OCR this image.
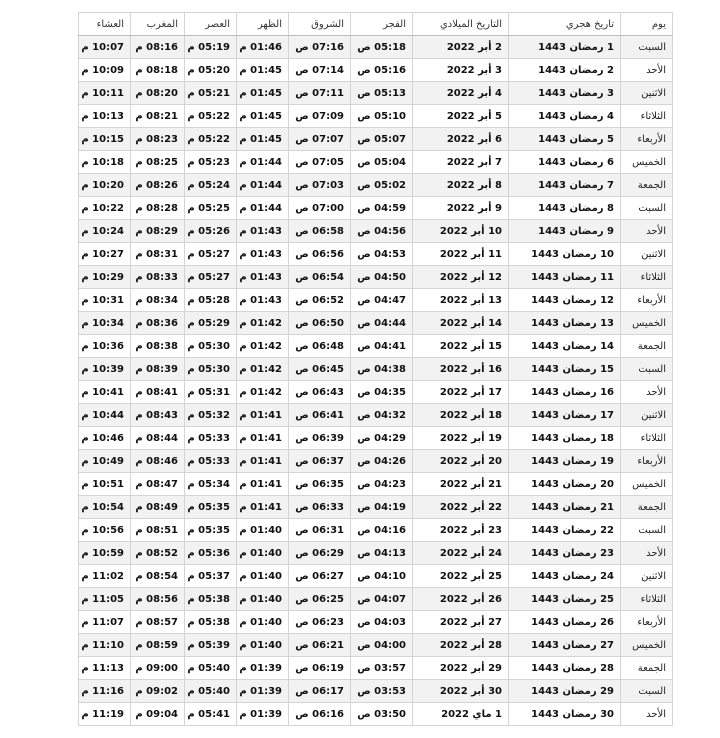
يوم	تاريخ هجري	التاريخ الميلادي	الفجر	الشروق	الظهر	العصر	المغرب	العشاء
السبت	1 رمضان 1443	2 أبر 2022	05:18 ص	07:16 ص	01:46 م	05:19 م	08:16 م	10:07 م
الأحد	2 رمضان 1443	3 أبر 2022	05:16 ص	07:14 ص	01:45 م	05:20 م	08:18 م	10:09 م
الاثنين	3 رمضان 1443	4 أبر 2022	05:13 ص	07:11 ص	01:45 م	05:21 م	08:20 م	10:11 م
الثلاثاء	4 رمضان 1443	5 أبر 2022	05:10 ص	07:09 ص	01:45 م	05:22 م	08:21 م	10:13 م
الأربعاء	5 رمضان 1443	6 أبر 2022	05:07 ص	07:07 ص	01:45 م	05:22 م	08:23 م	10:15 م
الخميس	6 رمضان 1443	7 أبر 2022	05:04 ص	07:05 ص	01:44 م	05:23 م	08:25 م	10:18 م
الجمعة	7 رمضان 1443	8 أبر 2022	05:02 ص	07:03 ص	01:44 م	05:24 م	08:26 م	10:20 م
السبت	8 رمضان 1443	9 أبر 2022	04:59 ص	07:00 ص	01:44 م	05:25 م	08:28 م	10:22 م
الأحد	9 رمضان 1443	10 أبر 2022	04:56 ص	06:58 ص	01:43 م	05:26 م	08:29 م	10:24 م
الاثنين	10 رمضان 1443	11 أبر 2022	04:53 ص	06:56 ص	01:43 م	05:27 م	08:31 م	10:27 م
الثلاثاء	11 رمضان 1443	12 أبر 2022	04:50 ص	06:54 ص	01:43 م	05:27 م	08:33 م	10:29 م
الأربعاء	12 رمضان 1443	13 أبر 2022	04:47 ص	06:52 ص	01:43 م	05:28 م	08:34 م	10:31 م
الخميس	13 رمضان 1443	14 أبر 2022	04:44 ص	06:50 ص	01:42 م	05:29 م	08:36 م	10:34 م
الجمعة	14 رمضان 1443	15 أبر 2022	04:41 ص	06:48 ص	01:42 م	05:30 م	08:38 م	10:36 م
السبت	15 رمضان 1443	16 أبر 2022	04:38 ص	06:45 ص	01:42 م	05:30 م	08:39 م	10:39 م
الأحد	16 رمضان 1443	17 أبر 2022	04:35 ص	06:43 ص	01:42 م	05:31 م	08:41 م	10:41 م
الاثنين	17 رمضان 1443	18 أبر 2022	04:32 ص	06:41 ص	01:41 م	05:32 م	08:43 م	10:44 م
الثلاثاء	18 رمضان 1443	19 أبر 2022	04:29 ص	06:39 ص	01:41 م	05:33 م	08:44 م	10:46 م
الأربعاء	19 رمضان 1443	20 أبر 2022	04:26 ص	06:37 ص	01:41 م	05:33 م	08:46 م	10:49 م
الخميس	20 رمضان 1443	21 أبر 2022	04:23 ص	06:35 ص	01:41 م	05:34 م	08:47 م	10:51 م
الجمعة	21 رمضان 1443	22 أبر 2022	04:19 ص	06:33 ص	01:41 م	05:35 م	08:49 م	10:54 م
السبت	22 رمضان 1443	23 أبر 2022	04:16 ص	06:31 ص	01:40 م	05:35 م	08:51 م	10:56 م
الأحد	23 رمضان 1443	24 أبر 2022	04:13 ص	06:29 ص	01:40 م	05:36 م	08:52 م	10:59 م
الاثنين	24 رمضان 1443	25 أبر 2022	04:10 ص	06:27 ص	01:40 م	05:37 م	08:54 م	11:02 م
الثلاثاء	25 رمضان 1443	26 أبر 2022	04:07 ص	06:25 ص	01:40 م	05:38 م	08:56 م	11:05 م
الأربعاء	26 رمضان 1443	27 أبر 2022	04:03 ص	06:23 ص	01:40 م	05:38 م	08:57 م	11:07 م
الخميس	27 رمضان 1443	28 أبر 2022	04:00 ص	06:21 ص	01:40 م	05:39 م	08:59 م	11:10 م
الجمعة	28 رمضان 1443	29 أبر 2022	03:57 ص	06:19 ص	01:39 م	05:40 م	09:00 م	11:13 م
السبت	29 رمضان 1443	30 أبر 2022	03:53 ص	06:17 ص	01:39 م	05:40 م	09:02 م	11:16 م
الأحد	30 رمضان 1443	1 ماي 2022	03:50 ص	06:16 ص	01:39 م	05:41 م	09:04 م	11:19 م
